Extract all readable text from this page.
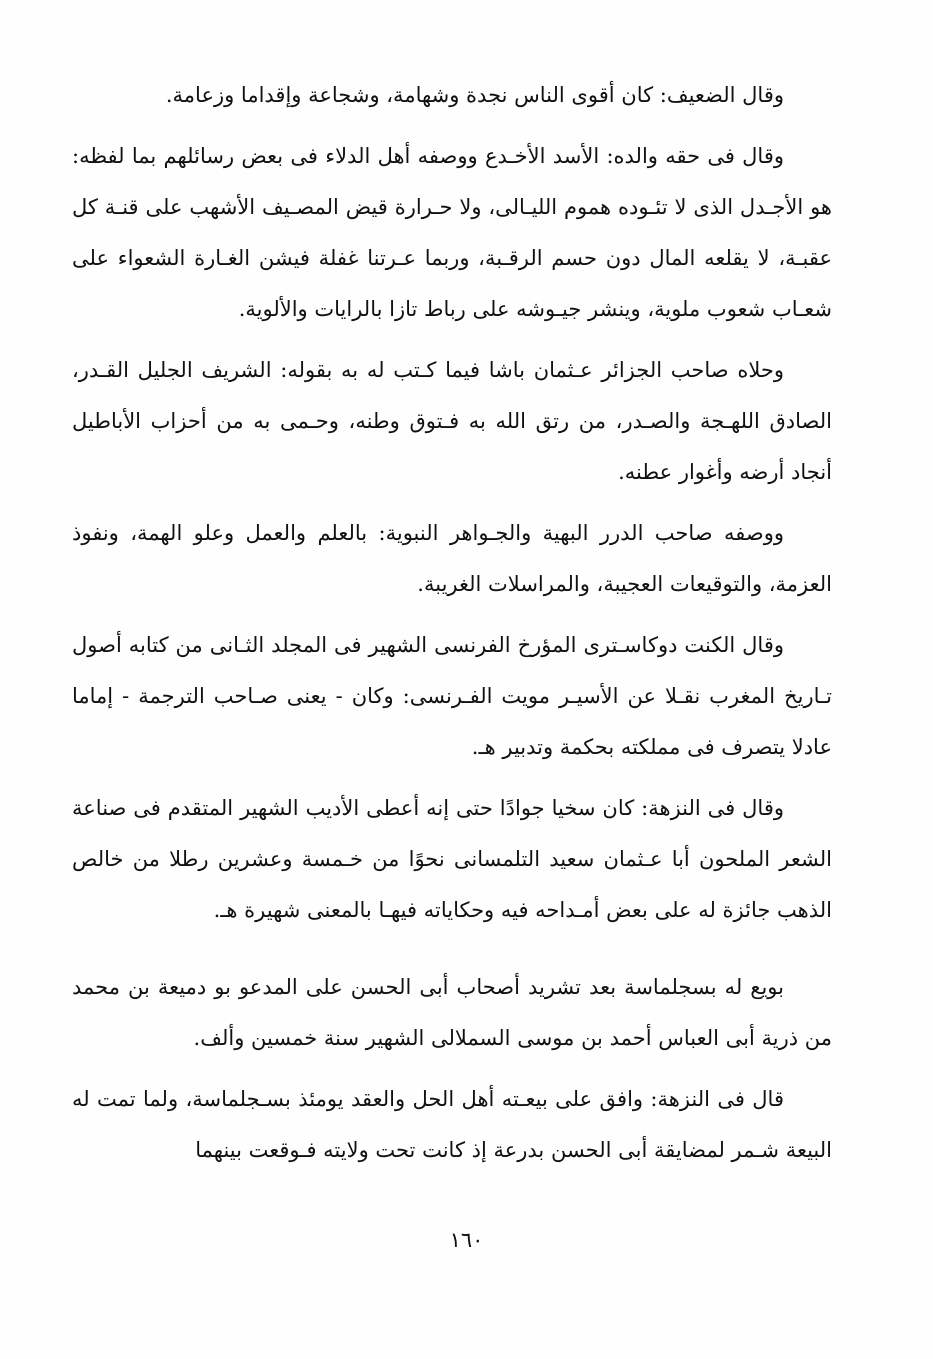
وقال الضعيف: كان أقوى الناس نجدة وشهامة، وشجاعة وإقداما وزعامة.

وقال فى حقه والده: الأسد الأخـدع ووصفه أهل الدلاء فى بعض رسائلهم بما لفظه: هو الأجـدل الذى لا تئـوده هموم الليـالى، ولا حـرارة قيض المصـيف الأشهب على قنـة كل عقبـة، لا يقلعه المال دون حسم الرقـبة، وربما عـرتنا غفلة فيشن الغـارة الشعواء على شعـاب شعوب ملوية، وينشر جيـوشه على رباط تازا بالرايات والألوية.

وحلاه صاحب الجزائر عـثمان باشا فيما كـتب له به بقوله: الشريف الجليل القـدر، الصادق اللهـجة والصـدر، من رتق الله به فـتوق وطنه، وحـمى به من أحزاب الأباطيل أنجاد أرضه وأغوار عطنه.

ووصفه صاحب الدرر البهية والجـواهر النبوية: بالعلم والعمل وعلو الهمة، ونفوذ العزمة، والتوقيعات العجيبة، والمراسلات الغريبة.

وقال الكنت دوكاسـترى المؤرخ الفرنسى الشهير فى المجلد الثـانى من كتابه أصول تـاريخ المغرب نقـلا عن الأسيـر مويت الفـرنسى: وكان - يعنى صـاحب الترجمة - إماما عادلا يتصرف فى مملكته بحكمة وتدبير هـ.

وقال فى النزهة: كان سخيا جوادًا حتى إنه أعطى الأديب الشهير المتقدم فى صناعة الشعر الملحون أبا عـثمان سعيد التلمسانى نحوًا من خـمسة وعشرين رطلا من خالص الذهب جائزة له على بعض أمـداحه فيه وحكاياته فيهـا بالمعنى شهيرة هـ.

بويع له بسجلماسة بعد تشريد أصحاب أبى الحسن على المدعو بو دميعة بن محمد من ذرية أبى العباس أحمد بن موسى السملالى الشهير سنة خمسين وألف.

قال فى النزهة: وافق على بيعـته أهل الحل والعقد يومئذ بسـجلماسة، ولما تمت له البيعة شـمر لمضايقة أبى الحسن بدرعة إذ كانت تحت ولايته فـوقعت بينهما

١٦٠
